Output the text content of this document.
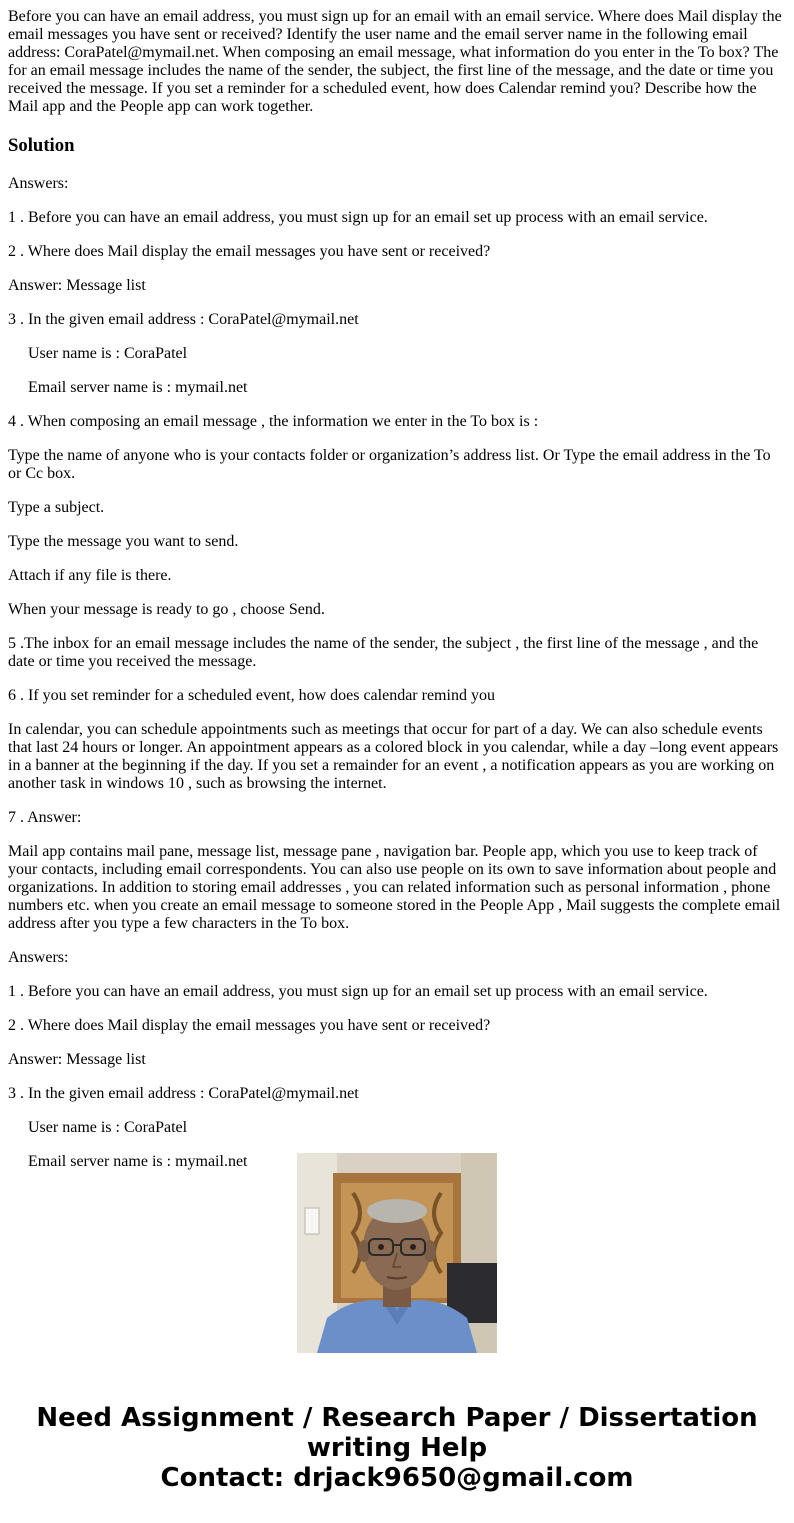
Before you can have an email address, you must sign up for an email with an email service. Where does Mail display the email messages you have sent or received? Identify the user name and the email server name in the following email address: CoraPatel@mymail.net. When composing an email message, what information do you enter in the To box? The for an email message includes the name of the sender, the subject, the first line of the message, and the date or time you received the message. If you set a reminder for a scheduled event, how does Calendar remind you? Describe how the Mail app and the People app can work together.

Solution

Answers:

1 . Before you can have an email address, you must sign up for an email set up process with an email service.

2 . Where does Mail display the email messages you have sent or received?

Answer: Message list

3 . In the given email address : CoraPatel@mymail.net

User name is : CoraPatel

Email server name is : mymail.net

4 . When composing an email message , the information we enter in the To box is :

Type the name of anyone who is your contacts folder or organization’s address list. Or Type the email address in the To or Cc box.

Type a subject.

Type the message you want to send.

Attach if any file is there.

When your message is ready to go , choose Send.

5 .The inbox for an email message includes the name of the sender, the subject , the first line of the message , and the date or time you received the message.

6 . If you set reminder for a scheduled event, how does calendar remind you

In calendar, you can schedule appointments such as meetings that occur for part of a day. We can also schedule events that last 24 hours or longer. An appointment appears as a colored block in you calendar, while a day –long event appears in a banner at the beginning if the day. If you set a remainder for an event , a notification appears as you are working on another task in windows 10 , such as browsing the internet.

7 . Answer:

Mail app contains mail pane, message list, message pane , navigation bar. People app, which you use to keep track of your contacts, including email correspondents. You can also use people on its own to save information about people and organizations. In addition to storing email addresses , you can related information such as personal information , phone numbers etc. when you create an email message to someone stored in the People App , Mail suggests the complete email address after you type a few characters in the To box.

Answers:

1 . Before you can have an email address, you must sign up for an email set up process with an email service.

2 . Where does Mail display the email messages you have sent or received?

Answer: Message list

3 . In the given email address : CoraPatel@mymail.net

User name is : CoraPatel

Email server name is : mymail.net

Need Assignment / Research Paper / Dissertation writing Help
Contact: drjack9650@gmail.com
